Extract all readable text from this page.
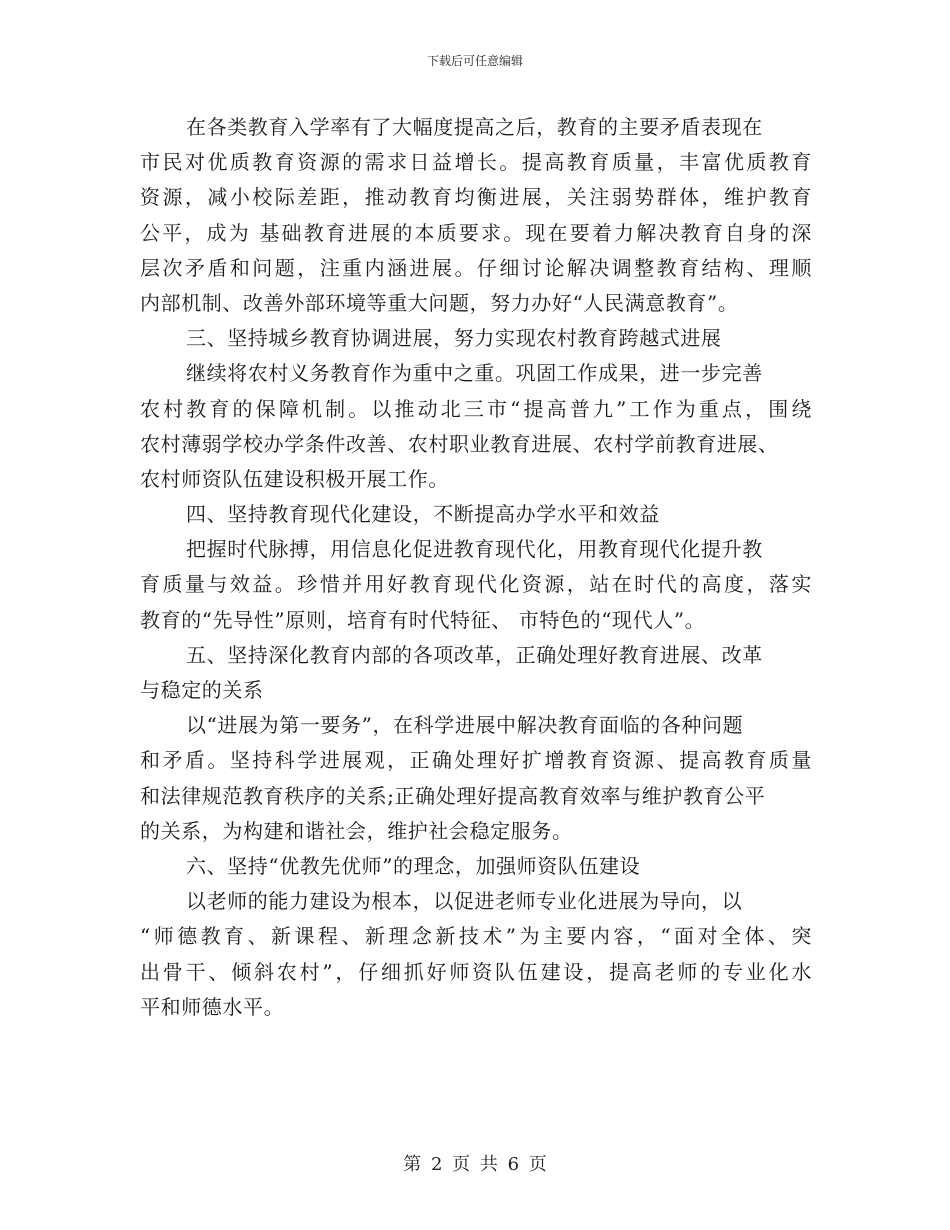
下载后可任意编辑
在各类教育入学率有了大幅度提高之后，教育的主要矛盾表现在
市民对优质教育资源的需求日益增长。提高教育质量，丰富优质教育
资源，减小校际差距，推动教育均衡进展，关注弱势群体，维护教育
公平，成为 基础教育进展的本质要求。现在要着力解决教育自身的深
层次矛盾和问题，注重内涵进展。仔细讨论解决调整教育结构、理顺
内部机制、改善外部环境等重大问题，努力办好“人民满意教育”。
三、坚持城乡教育协调进展，努力实现农村教育跨越式进展
继续将农村义务教育作为重中之重。巩固工作成果，进一步完善
农村教育的保障机制。以推动北三市“提高普九”工作为重点，围绕
农村薄弱学校办学条件改善、农村职业教育进展、农村学前教育进展、
农村师资队伍建设积极开展工作。
四、坚持教育现代化建设，不断提高办学水平和效益
把握时代脉搏，用信息化促进教育现代化，用教育现代化提升教
育质量与效益。珍惜并用好教育现代化资源，站在时代的高度，落实
教育的“先导性”原则，培育有时代特征、 市特色的“现代人”。
五、坚持深化教育内部的各项改革，正确处理好教育进展、改革
与稳定的关系
以“进展为第一要务”，在科学进展中解决教育面临的各种问题
和矛盾。坚持科学进展观，正确处理好扩增教育资源、提高教育质量
和法律规范教育秩序的关系;正确处理好提高教育效率与维护教育公平
的关系，为构建和谐社会，维护社会稳定服务。
六、坚持“优教先优师”的理念，加强师资队伍建设
以老师的能力建设为根本，以促进老师专业化进展为导向，以
“师德教育、新课程、新理念新技术”为主要内容，“面对全体、突
出骨干、倾斜农村”，仔细抓好师资队伍建设，提高老师的专业化水
平和师德水平。
第 2 页 共 6 页
